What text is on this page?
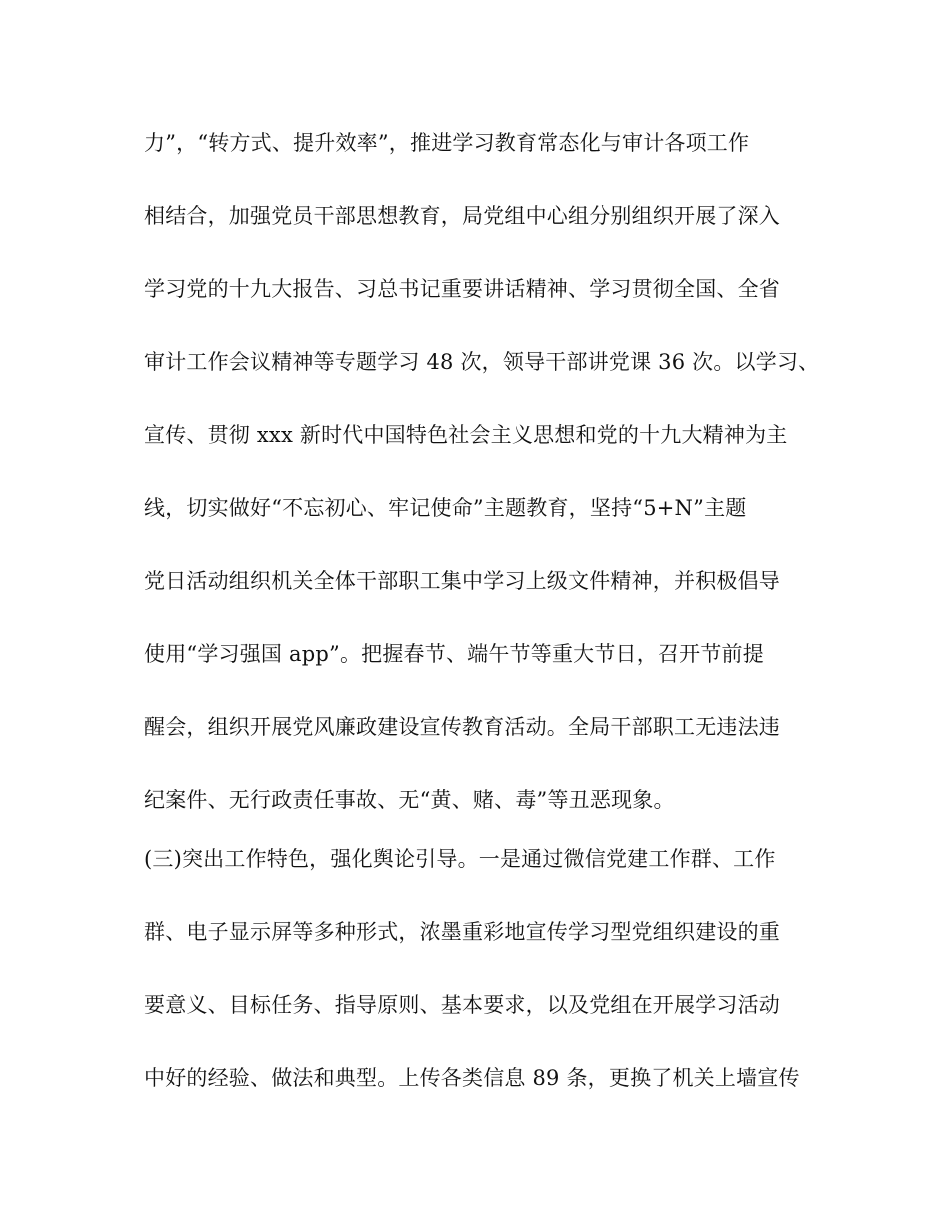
力”，“转方式、提升效率”，推进学习教育常态化与审计各项工作
相结合，加强党员干部思想教育，局党组中心组分别组织开展了深入
学习党的十九大报告、习总书记重要讲话精神、学习贯彻全国、全省
审计工作会议精神等专题学习 48 次，领导干部讲党课 36 次。以学习、
宣传、贯彻 xxx 新时代中国特色社会主义思想和党的十九大精神为主
线，切实做好“不忘初心、牢记使命”主题教育，坚持“5+N”主题
党日活动组织机关全体干部职工集中学习上级文件精神，并积极倡导
使用“学习强国 app”。把握春节、端午节等重大节日，召开节前提
醒会，组织开展党风廉政建设宣传教育活动。全局干部职工无违法违
纪案件、无行政责任事故、无“黄、赌、毒”等丑恶现象。
(三)突出工作特色，强化舆论引导。一是通过微信党建工作群、工作
群、电子显示屏等多种形式，浓墨重彩地宣传学习型党组织建设的重
要意义、目标任务、指导原则、基本要求，以及党组在开展学习活动
中好的经验、做法和典型。上传各类信息 89 条，更换了机关上墙宣传
